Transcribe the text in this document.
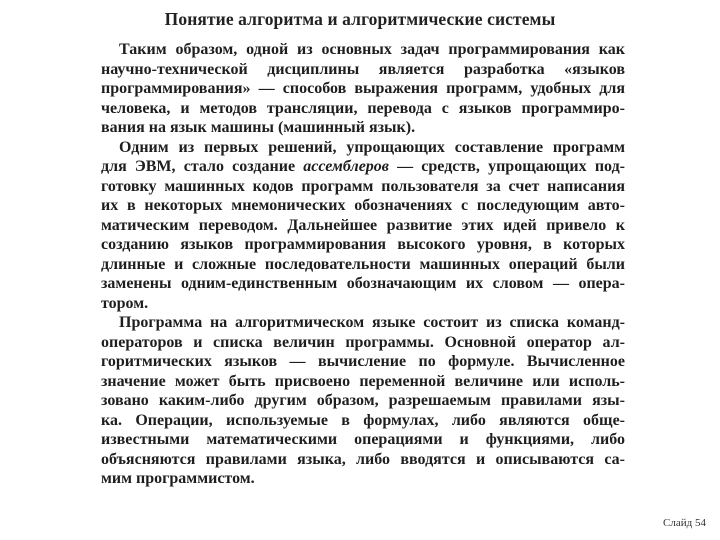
Понятие алгоритма и алгоритмические системы
Таким образом, одной из основных задач программирования как
научно-технической дисциплины является разработка «языков
программирования» — способов выражения программ, удобных для
человека, и методов трансляции, перевода с языков программиро-
вания на язык машины (машинный язык).
Одним из первых решений, упрощающих составление программ
для ЭВМ, стало создание ассемблеров — средств, упрощающих под-
готовку машинных кодов программ пользователя за счет написания
их в некоторых мнемонических обозначениях с последующим авто-
матическим переводом. Дальнейшее развитие этих идей привело к
созданию языков программирования высокого уровня, в которых
длинные и сложные последовательности машинных операций были
заменены одним-единственным обозначающим их словом — опера-
тором.
Программа на алгоритмическом языке состоит из списка команд-
операторов и списка величин программы. Основной оператор ал-
горитмических языков — вычисление по формуле. Вычисленное
значение может быть присвоено переменной величине или исполь-
зовано каким-либо другим образом, разрешаемым правилами язы-
ка. Операции, используемые в формулах, либо являются обще-
известными математическими операциями и функциями, либо
объясняются правилами языка, либо вводятся и описываются са-
мим программистом.
Слайд 54
